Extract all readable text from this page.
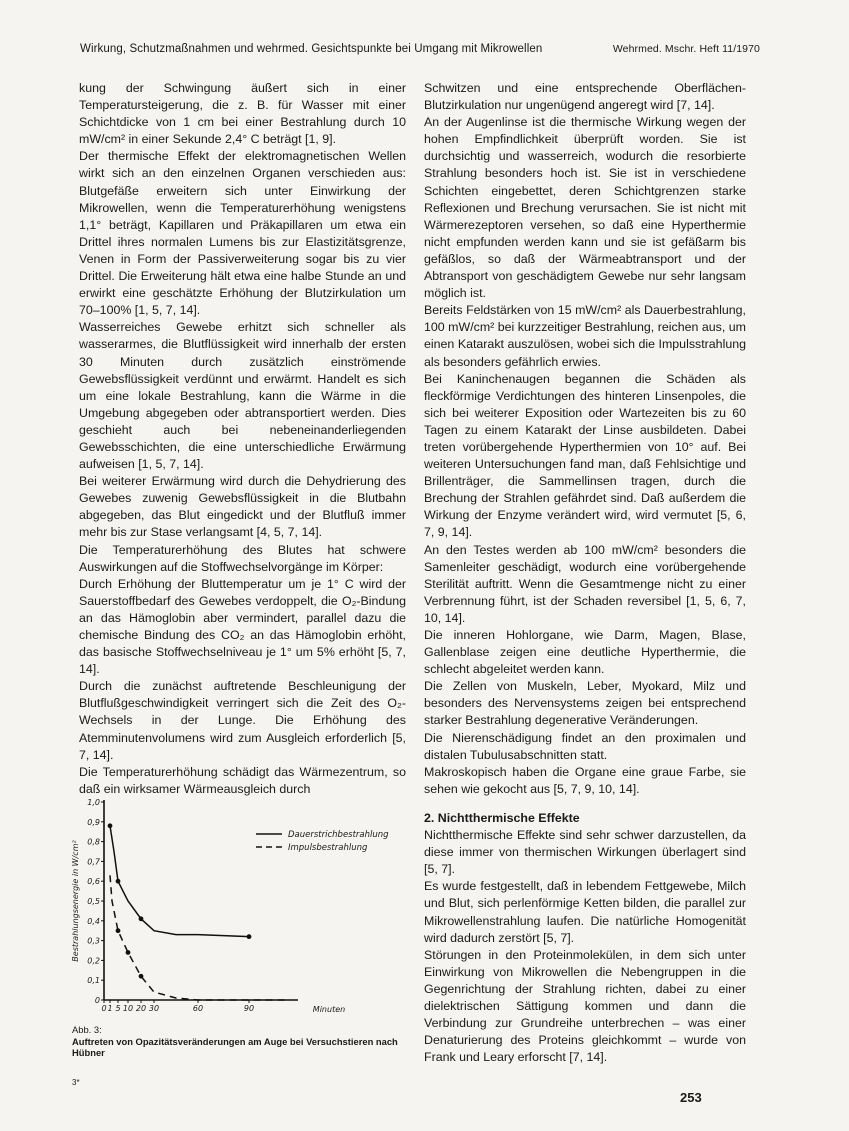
Wirkung, Schutzmaßnahmen und wehrmed. Gesichtspunkte bei Umgang mit Mikrowellen	Wehrmed. Mschr. Heft 11/1970

kung der Schwingung äußert sich in einer Temperatursteigerung, die z. B. für Wasser mit einer Schichtdicke von 1 cm bei einer Bestrahlung durch 10 mW/cm² in einer Sekunde 2,4° C beträgt [1, 9].

Der thermische Effekt der elektromagnetischen Wellen wirkt sich an den einzelnen Organen verschieden aus: Blutgefäße erweitern sich unter Einwirkung der Mikrowellen, wenn die Temperaturerhöhung wenigstens 1,1° beträgt, Kapillaren und Präkapillaren um etwa ein Drittel ihres normalen Lumens bis zur Elastizitätsgrenze, Venen in Form der Passiverweiterung sogar bis zu vier Drittel. Die Erweiterung hält etwa eine halbe Stunde an und erwirkt eine geschätzte Erhöhung der Blutzirkulation um 70–100% [1, 5, 7, 14].

Wasserreiches Gewebe erhitzt sich schneller als wasserarmes, die Blutflüssigkeit wird innerhalb der ersten 30 Minuten durch zusätzlich einströmende Gewebsflüssigkeit verdünnt und erwärmt. Handelt es sich um eine lokale Bestrahlung, kann die Wärme in die Umgebung abgegeben oder abtransportiert werden. Dies geschieht auch bei nebeneinanderliegenden Gewebsschichten, die eine unterschiedliche Erwärmung aufweisen [1, 5, 7, 14].

Bei weiterer Erwärmung wird durch die Dehydrierung des Gewebes zuwenig Gewebsflüssigkeit in die Blutbahn abgegeben, das Blut eingedickt und der Blutfluß immer mehr bis zur Stase verlangsamt [4, 5, 7, 14].

Die Temperaturerhöhung des Blutes hat schwere Auswirkungen auf die Stoffwechselvorgänge im Körper:

Durch Erhöhung der Bluttemperatur um je 1° C wird der Sauerstoffbedarf des Gewebes verdoppelt, die O₂-Bindung an das Hämoglobin aber vermindert, parallel dazu die chemische Bindung des CO₂ an das Hämoglobin erhöht, das basische Stoffwechselniveau je 1° um 5% erhöht [5, 7, 14].

Durch die zunächst auftretende Beschleunigung der Blutflußgeschwindigkeit verringert sich die Zeit des O₂-Wechsels in der Lunge. Die Erhöhung des Atemminutenvolumens wird zum Ausgleich erforderlich [5, 7, 14].

Die Temperaturerhöhung schädigt das Wärmezentrum, so daß ein wirksamer Wärmeausgleich durch

Schwitzen und eine entsprechende Oberflächen-Blutzirkulation nur ungenügend angeregt wird [7, 14].

An der Augenlinse ist die thermische Wirkung wegen der hohen Empfindlichkeit überprüft worden. Sie ist durchsichtig und wasserreich, wodurch die resorbierte Strahlung besonders hoch ist. Sie ist in verschiedene Schichten eingebettet, deren Schichtgrenzen starke Reflexionen und Brechung verursachen. Sie ist nicht mit Wärmerezeptoren versehen, so daß eine Hyperthermie nicht empfunden werden kann und sie ist gefäßarm bis gefäßlos, so daß der Wärmeabtransport und der Abtransport von geschädigtem Gewebe nur sehr langsam möglich ist.

Bereits Feldstärken von 15 mW/cm² als Dauerbestrahlung, 100 mW/cm² bei kurzzeitiger Bestrahlung, reichen aus, um einen Katarakt auszulösen, wobei sich die Impulsstrahlung als besonders gefährlich erwies.

Bei Kaninchenaugen begannen die Schäden als fleckförmige Verdichtungen des hinteren Linsenpoles, die sich bei weiterer Exposition oder Wartezeiten bis zu 60 Tagen zu einem Katarakt der Linse ausbildeten. Dabei treten vorübergehende Hyperthermien von 10° auf. Bei weiteren Untersuchungen fand man, daß Fehlsichtige und Brillenträger, die Sammellinsen tragen, durch die Brechung der Strahlen gefährdet sind. Daß außerdem die Wirkung der Enzyme verändert wird, wird vermutet [5, 6, 7, 9, 14].

An den Testes werden ab 100 mW/cm² besonders die Samenleiter geschädigt, wodurch eine vorübergehende Sterilität auftritt. Wenn die Gesamtmenge nicht zu einer Verbrennung führt, ist der Schaden reversibel [1, 5, 6, 7, 10, 14].

Die inneren Hohlorgane, wie Darm, Magen, Blase, Gallenblase zeigen eine deutliche Hyperthermie, die schlecht abgeleitet werden kann.

Die Zellen von Muskeln, Leber, Myokard, Milz und besonders des Nervensystems zeigen bei entsprechend starker Bestrahlung degenerative Veränderungen.

Die Nierenschädigung findet an den proximalen und distalen Tubulusabschnitten statt.

Makroskopisch haben die Organe eine graue Farbe, sie sehen wie gekocht aus [5, 7, 9, 10, 14].

2. Nichtthermische Effekte

Nichtthermische Effekte sind sehr schwer darzustellen, da diese immer von thermischen Wirkungen überlagert sind [5, 7].

Es wurde festgestellt, daß in lebendem Fettgewebe, Milch und Blut, sich perlenförmige Ketten bilden, die parallel zur Mikrowellenstrahlung laufen. Die natürliche Homogenität wird dadurch zerstört [5, 7].

Störungen in den Proteinmolekülen, in dem sich unter Einwirkung von Mikrowellen die Nebengruppen in die Gegenrichtung der Strahlung richten, dabei zu einer dielektrischen Sättigung kommen und dann die Verbindung zur Grundreihe unterbrechen – was einer Denaturierung des Proteins gleichkommt – wurde von Frank und Leary erforscht [7, 14].

0
0,1
0,2
0,3
0,4
0,5
0,6
0,7
0,8
0,9
1,0
0 1 5 10 20 30	60	90	Minuten
Bestrahlungsenergie in W/cm²
Dauerstrichbestrahlung
Impulsbestrahlung
Abb. 3:
Auftreten von Opazitätsveränderungen am Auge bei Versuchstieren nach Hübner
3*
253
